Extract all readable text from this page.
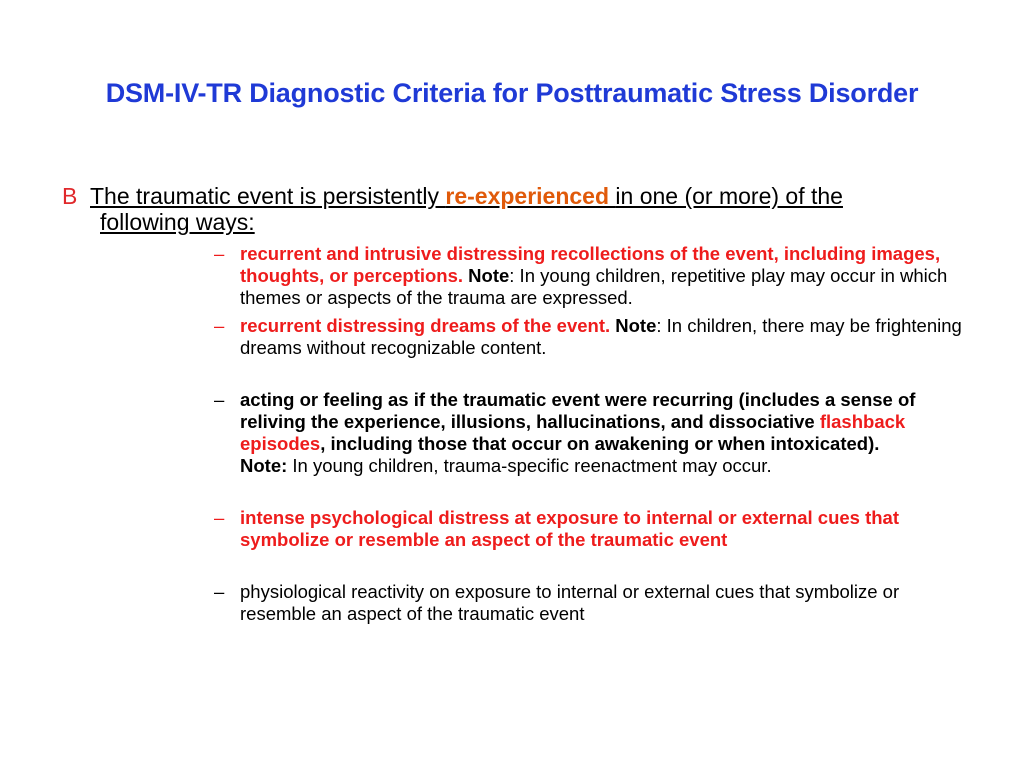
DSM-IV-TR Diagnostic Criteria for Posttraumatic Stress Disorder
B The traumatic event is persistently re-experienced in one (or more) of the
following ways:
– recurrent and intrusive distressing recollections of the event, including images, thoughts, or perceptions. Note: In young children, repetitive play may occur in which themes or aspects of the trauma are expressed.
– recurrent distressing dreams of the event. Note: In children, there may be frightening dreams without recognizable content.
– acting or feeling as if the traumatic event were recurring (includes a sense of reliving the experience, illusions, hallucinations, and dissociative flashback episodes, including those that occur on awakening or when intoxicated).
Note: In young children, trauma-specific reenactment may occur.
– intense psychological distress at exposure to internal or external cues that symbolize or resemble an aspect of the traumatic event
– physiological reactivity on exposure to internal or external cues that symbolize or resemble an aspect of the traumatic event
